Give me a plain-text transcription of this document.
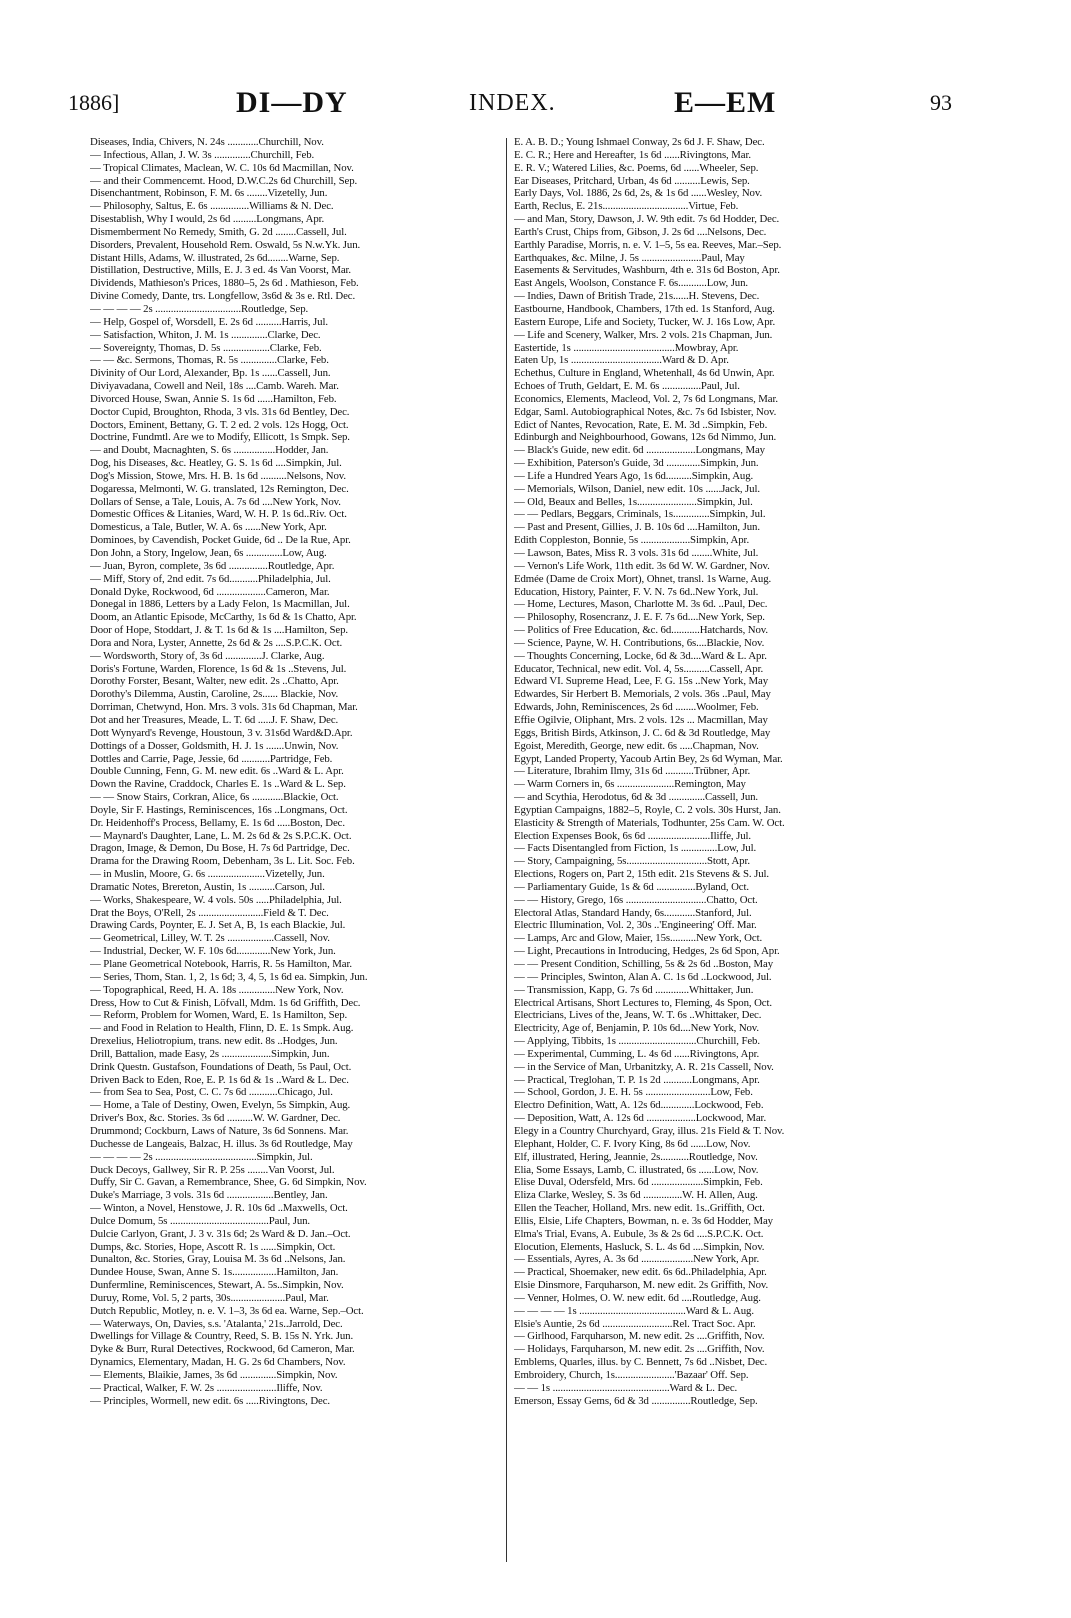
1886]	DI—DY	INDEX.	E—EM	93
Diseases, India, Chivers, N. 24s ............Churchill, Nov.
— Infectious, Allan, J. W. 3s ..............Churchill, Feb.
— Tropical Climates, Maclean, W. C. 10s 6d Macmillan, Nov.
— and their Commencemt. Hood, D.W.C.2s 6d Churchill, Sep.
Disenchantment, Robinson, F. M. 6s ........Vizetelly, Jun.
— Philosophy, Saltus, E. 6s ...............Williams & N. Dec.
Disestablish, Why I would, 2s 6d .........Longmans, Apr.
Dismemberment No Remedy, Smith, G. 2d ........Cassell, Jul.
Disorders, Prevalent, Household Rem. Oswald, 5s N.w.Yk. Jun.
Distant Hills, Adams, W. illustrated, 2s 6d........Warne, Sep.
Distillation, Destructive, Mills, E. J. 3 ed. 4s Van Voorst, Mar.
Dividends, Mathieson's Prices, 1880–5, 2s 6d . Mathieson, Feb.
Divine Comedy, Dante, trs. Longfellow, 3s6d & 3s e. Rtl. Dec.
— — — — 2s .................................Routledge, Sep.
— Help, Gospel of, Worsdell, E. 2s 6d ..........Harris, Jul.
— Satisfaction, Whiton, J. M. 1s ..............Clarke, Dec.
— Sovereignty, Thomas, D. 5s ..................Clarke, Feb.
— — &c. Sermons, Thomas, R. 5s ..............Clarke, Feb.
Divinity of Our Lord, Alexander, Bp. 1s ......Cassell, Jun.
Diviyavadana, Cowell and Neil, 18s ....Camb. Wareh. Mar.
Divorced House, Swan, Annie S. 1s 6d ......Hamilton, Feb.
Doctor Cupid, Broughton, Rhoda, 3 vls. 31s 6d Bentley, Dec.
Doctors, Eminent, Bettany, G. T. 2 ed. 2 vols. 12s Hogg, Oct.
Doctrine, Fundmtl. Are we to Modify, Ellicott, 1s Smpk. Sep.
— and Doubt, Macnaghten, S. 6s ................Hodder, Jan.
Dog, his Diseases, &c. Heatley, G. S. 1s 6d ....Simpkin, Jul.
Dog's Mission, Stowe, Mrs. H. B. 1s 6d ..........Nelsons, Nov.
Dogaressa, Melmonti, W. G. translated, 12s Remington, Dec.
Dollars of Sense, a Tale, Louis, A. 7s 6d ....New York, Nov.
Domestic Offices & Litanies, Ward, W. H. P. 1s 6d..Riv. Oct.
Domesticus, a Tale, Butler, W. A. 6s ......New York, Apr.
Dominoes, by Cavendish, Pocket Guide, 6d .. De la Rue, Apr.
Don John, a Story, Ingelow, Jean, 6s ..............Low, Aug.
— Juan, Byron, complete, 3s 6d ...............Routledge, Apr.
— Miff, Story of, 2nd edit. 7s 6d...........Philadelphia, Jul.
Donald Dyke, Rockwood, 6d ...................Cameron, Mar.
Donegal in 1886, Letters by a Lady Felon, 1s Macmillan, Jul.
Doom, an Atlantic Episode, McCarthy, 1s 6d & 1s Chatto, Apr.
Door of Hope, Stoddart, J. & T. 1s 6d & 1s ....Hamilton, Sep.
Dora and Nora, Lyster, Annette, 2s 6d & 2s ....S.P.C.K. Oct.
— Wordsworth, Story of, 3s 6d ..............J. Clarke, Aug.
Doris's Fortune, Warden, Florence, 1s 6d & 1s ..Stevens, Jul.
Dorothy Forster, Besant, Walter, new edit. 2s ..Chatto, Apr.
Dorothy's Dilemma, Austin, Caroline, 2s...... Blackie, Nov.
Dorriman, Chetwynd, Hon. Mrs. 3 vols. 31s 6d Chapman, Mar.
Dot and her Treasures, Meade, L. T. 6d .....J. F. Shaw, Dec.
Dott Wynyard's Revenge, Houstoun, 3 v. 31s6d Ward&D.Apr.
Dottings of a Dosser, Goldsmith, H. J. 1s .......Unwin, Nov.
Dottles and Carrie, Page, Jessie, 6d ...........Partridge, Feb.
Double Cunning, Fenn, G. M. new edit. 6s ..Ward & L. Apr.
Down the Ravine, Craddock, Charles E. 1s ..Ward & L. Sep.
— — Snow Stairs, Corkran, Alice, 6s ............Blackie, Oct.
Doyle, Sir F. Hastings, Reminiscences, 16s ..Longmans, Oct.
Dr. Heidenhoff's Process, Bellamy, E. 1s 6d .....Boston, Dec.
— Maynard's Daughter, Lane, L. M. 2s 6d & 2s S.P.C.K. Oct.
Dragon, Image, & Demon, Du Bose, H. 7s 6d Partridge, Dec.
Drama for the Drawing Room, Debenham, 3s L. Lit. Soc. Feb.
— in Muslin, Moore, G. 6s ......................Vizetelly, Jun.
Dramatic Notes, Brereton, Austin, 1s ..........Carson, Jul.
— Works, Shakespeare, W. 4 vols. 50s .....Philadelphia, Jul.
Drat the Boys, O'Rell, 2s .........................Field & T. Dec.
Drawing Cards, Poynter, E. J. Set A, B, 1s each Blackie, Jul.
— Geometrical, Lilley, W. T. 2s ..................Cassell, Nov.
— Industrial, Decker, W. F. 10s 6d.............New York, Jun.
— Plane Geometrical Notebook, Harris, R. 5s Hamilton, Mar.
— Series, Thom, Stan. 1, 2, 1s 6d; 3, 4, 5, 1s 6d ea. Simpkin, Jun.
— Topographical, Reed, H. A. 18s ..............New York, Nov.
Dress, How to Cut & Finish, Löfvall, Mdm. 1s 6d Griffith, Dec.
— Reform, Problem for Women, Ward, E. 1s Hamilton, Sep.
— and Food in Relation to Health, Flinn, D. E. 1s Smpk. Aug.
Drexelius, Heliotropium, trans. new edit. 8s ..Hodges, Jun.
Drill, Battalion, made Easy, 2s ...................Simpkin, Jun.
Drink Questn. Gustafson, Foundations of Death, 5s Paul, Oct.
Driven Back to Eden, Roe, E. P. 1s 6d & 1s ..Ward & L. Dec.
— from Sea to Sea, Post, C. C. 7s 6d ...........Chicago, Jul.
— Home, a Tale of Destiny, Owen, Evelyn, 5s Simpkin, Aug.
Driver's Box, &c. Stories. 3s 6d ..........W. W. Gardner, Dec.
Drummond; Cockburn, Laws of Nature, 3s 6d Sonnens. Mar.
Duchesse de Langeais, Balzac, H. illus. 3s 6d Routledge, May
— — — — 2s .......................................Simpkin, Jul.
Duck Decoys, Gallwey, Sir R. P. 25s ........Van Voorst, Jul.
Duffy, Sir C. Gavan, a Remembrance, Shee, G. 6d Simpkin, Nov.
Duke's Marriage, 3 vols. 31s 6d ..................Bentley, Jan.
— Winton, a Novel, Henstowe, J. R. 10s 6d ..Maxwells, Oct.
Dulce Domum, 5s ......................................Paul, Jun.
Dulcie Carlyon, Grant, J. 3 v. 31s 6d; 2s Ward & D. Jan.–Oct.
Dumps, &c. Stories, Hope, Ascott R. 1s ......Simpkin, Oct.
Dunalton, &c. Stories, Gray, Louisa M. 3s 6d ..Nelsons, Jan.
Dundee House, Swan, Anne S. 1s.................Hamilton, Jan.
Dunfermline, Reminiscences, Stewart, A. 5s..Simpkin, Nov.
Duruy, Rome, Vol. 5, 2 parts, 30s.....................Paul, Mar.
Dutch Republic, Motley, n. e. V. 1–3, 3s 6d ea. Warne, Sep.–Oct.
— Waterways, On, Davies, s.s. 'Atalanta,' 21s..Jarrold, Dec.
Dwellings for Village & Country, Reed, S. B. 15s N. Yrk. Jun.
Dyke & Burr, Rural Detectives, Rockwood, 6d Cameron, Mar.
Dynamics, Elementary, Madan, H. G. 2s 6d Chambers, Nov.
— Elements, Blaikie, James, 3s 6d ..............Simpkin, Nov.
— Practical, Walker, F. W. 2s .......................Iliffe, Nov.
— Principles, Wormell, new edit. 6s .....Rivingtons, Dec.
E. A. B. D.; Young Ishmael Conway, 2s 6d J. F. Shaw, Dec.
E. C. R.; Here and Hereafter, 1s 6d ......Rivingtons, Mar.
E. R. V.; Watered Lilies, &c. Poems, 6d ......Wheeler, Sep.
Ear Diseases, Pritchard, Urban, 4s 6d ..........Lewis, Sep.
Early Days, Vol. 1886, 2s 6d, 2s, & 1s 6d ......Wesley, Nov.
Earth, Reclus, E. 21s.................................Virtue, Feb.
— and Man, Story, Dawson, J. W. 9th edit. 7s 6d Hodder, Dec.
Earth's Crust, Chips from, Gibson, J. 2s 6d ....Nelsons, Dec.
Earthly Paradise, Morris, n. e. V. 1–5, 5s ea. Reeves, Mar.–Sep.
Earthquakes, &c. Milne, J. 5s .......................Paul, May
Easements & Servitudes, Washburn, 4th e. 31s 6d Boston, Apr.
East Angels, Woolson, Constance F. 6s...........Low, Jun.
— Indies, Dawn of British Trade, 21s......H. Stevens, Dec.
Eastbourne, Handbook, Chambers, 17th ed. 1s Stanford, Aug.
Eastern Europe, Life and Society, Tucker, W. J. 16s Low, Apr.
— Life and Scenery, Walker, Mrs. 2 vols. 21s Chapman, Jun.
Eastertide, 1s .......................................Mowbray, Apr.
Eaten Up, 1s ...................................Ward & D. Apr.
Echethus, Culture in England, Whetenhall, 4s 6d Unwin, Apr.
Echoes of Truth, Geldart, E. M. 6s ...............Paul, Jul.
Economics, Elements, Macleod, Vol. 2, 7s 6d Longmans, Mar.
Edgar, Saml. Autobiographical Notes, &c. 7s 6d Isbister, Nov.
Edict of Nantes, Revocation, Rate, E. M. 3d ..Simpkin, Feb.
Edinburgh and Neighbourhood, Gowans, 12s 6d Nimmo, Jun.
— Black's Guide, new edit. 6d ...................Longmans, May
— Exhibition, Paterson's Guide, 3d .............Simpkin, Jun.
— Life a Hundred Years Ago, 1s 6d..........Simpkin, Aug.
— Memorials, Wilson, Daniel, new edit. 10s ......Jack, Jul.
— Old, Beaux and Belles, 1s.......................Simpkin, Jul.
— — Pedlars, Beggars, Criminals, 1s..............Simpkin, Jul.
— Past and Present, Gillies, J. B. 10s 6d ....Hamilton, Jun.
Edith Coppleston, Bonnie, 5s ...................Simpkin, Apr.
— Lawson, Bates, Miss R. 3 vols. 31s 6d ........White, Jul.
— Vernon's Life Work, 11th edit. 3s 6d W. W. Gardner, Nov.
Edmée (Dame de Croix Mort), Ohnet, transl. 1s Warne, Aug.
Education, History, Painter, F. V. N. 7s 6d..New York, Jul.
— Home, Lectures, Mason, Charlotte M. 3s 6d. ..Paul, Dec.
— Philosophy, Rosencranz, J. E. F. 7s 6d....New York, Sep.
— Politics of Free Education, &c. 6d...........Hatchards, Nov.
— Science, Payne, W. H. Contributions, 6s....Blackie, Nov.
— Thoughts Concerning, Locke, 6d & 3d....Ward & L. Apr.
Educator, Technical, new edit. Vol. 4, 5s..........Cassell, Apr.
Edward VI. Supreme Head, Lee, F. G. 15s ..New York, May
Edwardes, Sir Herbert B. Memorials, 2 vols. 36s ..Paul, May
Edwards, John, Reminiscences, 2s 6d ........Woolmer, Feb.
Effie Ogilvie, Oliphant, Mrs. 2 vols. 12s ... Macmillan, May
Eggs, British Birds, Atkinson, J. C. 6d & 3d Routledge, May
Egoist, Meredith, George, new edit. 6s .....Chapman, Nov.
Egypt, Landed Property, Yacoub Artin Bey, 2s 6d Wyman, Mar.
— Literature, Ibrahim Ilmy, 31s 6d ...........Trübner, Apr.
— Warm Corners in, 6s ......................Remington, May
— and Scythia, Herodotus, 6d & 3d ..............Cassell, Jun.
Egyptian Campaigns, 1882–5, Royle, C. 2 vols. 30s Hurst, Jan.
Elasticity & Strength of Materials, Todhunter, 25s Cam. W. Oct.
Election Expenses Book, 6s 6d ........................Iliffe, Jul.
— Facts Disentangled from Fiction, 1s ..............Low, Jul.
— Story, Campaigning, 5s...............................Stott, Apr.
Elections, Rogers on, Part 2, 15th edit. 21s Stevens & S. Jul.
— Parliamentary Guide, 1s & 6d ...............Byland, Oct.
— — History, Grego, 16s ...............................Chatto, Oct.
Electoral Atlas, Standard Handy, 6s............Stanford, Jul.
Electric Illumination, Vol. 2, 30s ..'Engineering' Off. Mar.
— Lamps, Arc and Glow, Maier, 15s..........New York, Oct.
— Light, Precautions in Introducing, Hedges, 2s 6d Spon, Apr.
— — Present Condition, Schilling, 5s & 2s 6d ..Boston, May
— — Principles, Swinton, Alan A. C. 1s 6d ..Lockwood, Jul.
— Transmission, Kapp, G. 7s 6d .............Whittaker, Jun.
Electrical Artisans, Short Lectures to, Fleming, 4s Spon, Oct.
Electricians, Lives of the, Jeans, W. T. 6s ..Whittaker, Dec.
Electricity, Age of, Benjamin, P. 10s 6d....New York, Nov.
— Applying, Tibbits, 1s ..............................Churchill, Feb.
— Experimental, Cumming, L. 4s 6d ......Rivingtons, Apr.
— in the Service of Man, Urbanitzky, A. R. 21s Cassell, Nov.
— Practical, Treglohan, T. P. 1s 2d ...........Longmans, Apr.
— School, Gordon, J. E. H. 5s .........................Low, Feb.
Electro Definition, Watt, A. 12s 6d.............Lockwood, Feb.
— Deposition, Watt, A. 12s 6d ...................Lockwood, Mar.
Elegy in a Country Churchyard, Gray, illus. 21s Field & T. Nov.
Elephant, Holder, C. F. Ivory King, 8s 6d ......Low, Nov.
Elf, illustrated, Hering, Jeannie, 2s...........Routledge, Nov.
Elia, Some Essays, Lamb, C. illustrated, 6s ......Low, Nov.
Elise Duval, Odersfeld, Mrs. 6d ....................Simpkin, Feb.
Eliza Clarke, Wesley, S. 3s 6d ...............W. H. Allen, Aug.
Ellen the Teacher, Holland, Mrs. new edit. 1s..Griffith, Oct.
Ellis, Elsie, Life Chapters, Bowman, n. e. 3s 6d Hodder, May
Elma's Trial, Evans, A. Eubule, 3s & 2s 6d ....S.P.C.K. Oct.
Elocution, Elements, Hasluck, S. L. 4s 6d ....Simpkin, Nov.
— Essentials, Ayres, A. 3s 6d ....................New York, Apr.
— Practical, Shoemaker, new edit. 6s 6d..Philadelphia, Apr.
Elsie Dinsmore, Farquharson, M. new edit. 2s Griffith, Nov.
— Venner, Holmes, O. W. new edit. 6d ....Routledge, Aug.
— — — — 1s .........................................Ward & L. Aug.
Elsie's Auntie, 2s 6d ...........................Rel. Tract Soc. Apr.
— Girlhood, Farquharson, M. new edit. 2s ....Griffith, Nov.
— Holidays, Farquharson, M. new edit. 2s ....Griffith, Nov.
Emblems, Quarles, illus. by C. Bennett, 7s 6d ..Nisbet, Dec.
Embroidery, Church, 1s.......................'Bazaar' Off. Sep.
— — 1s .............................................Ward & L. Dec.
Emerson, Essay Gems, 6d & 3d ...............Routledge, Sep.
